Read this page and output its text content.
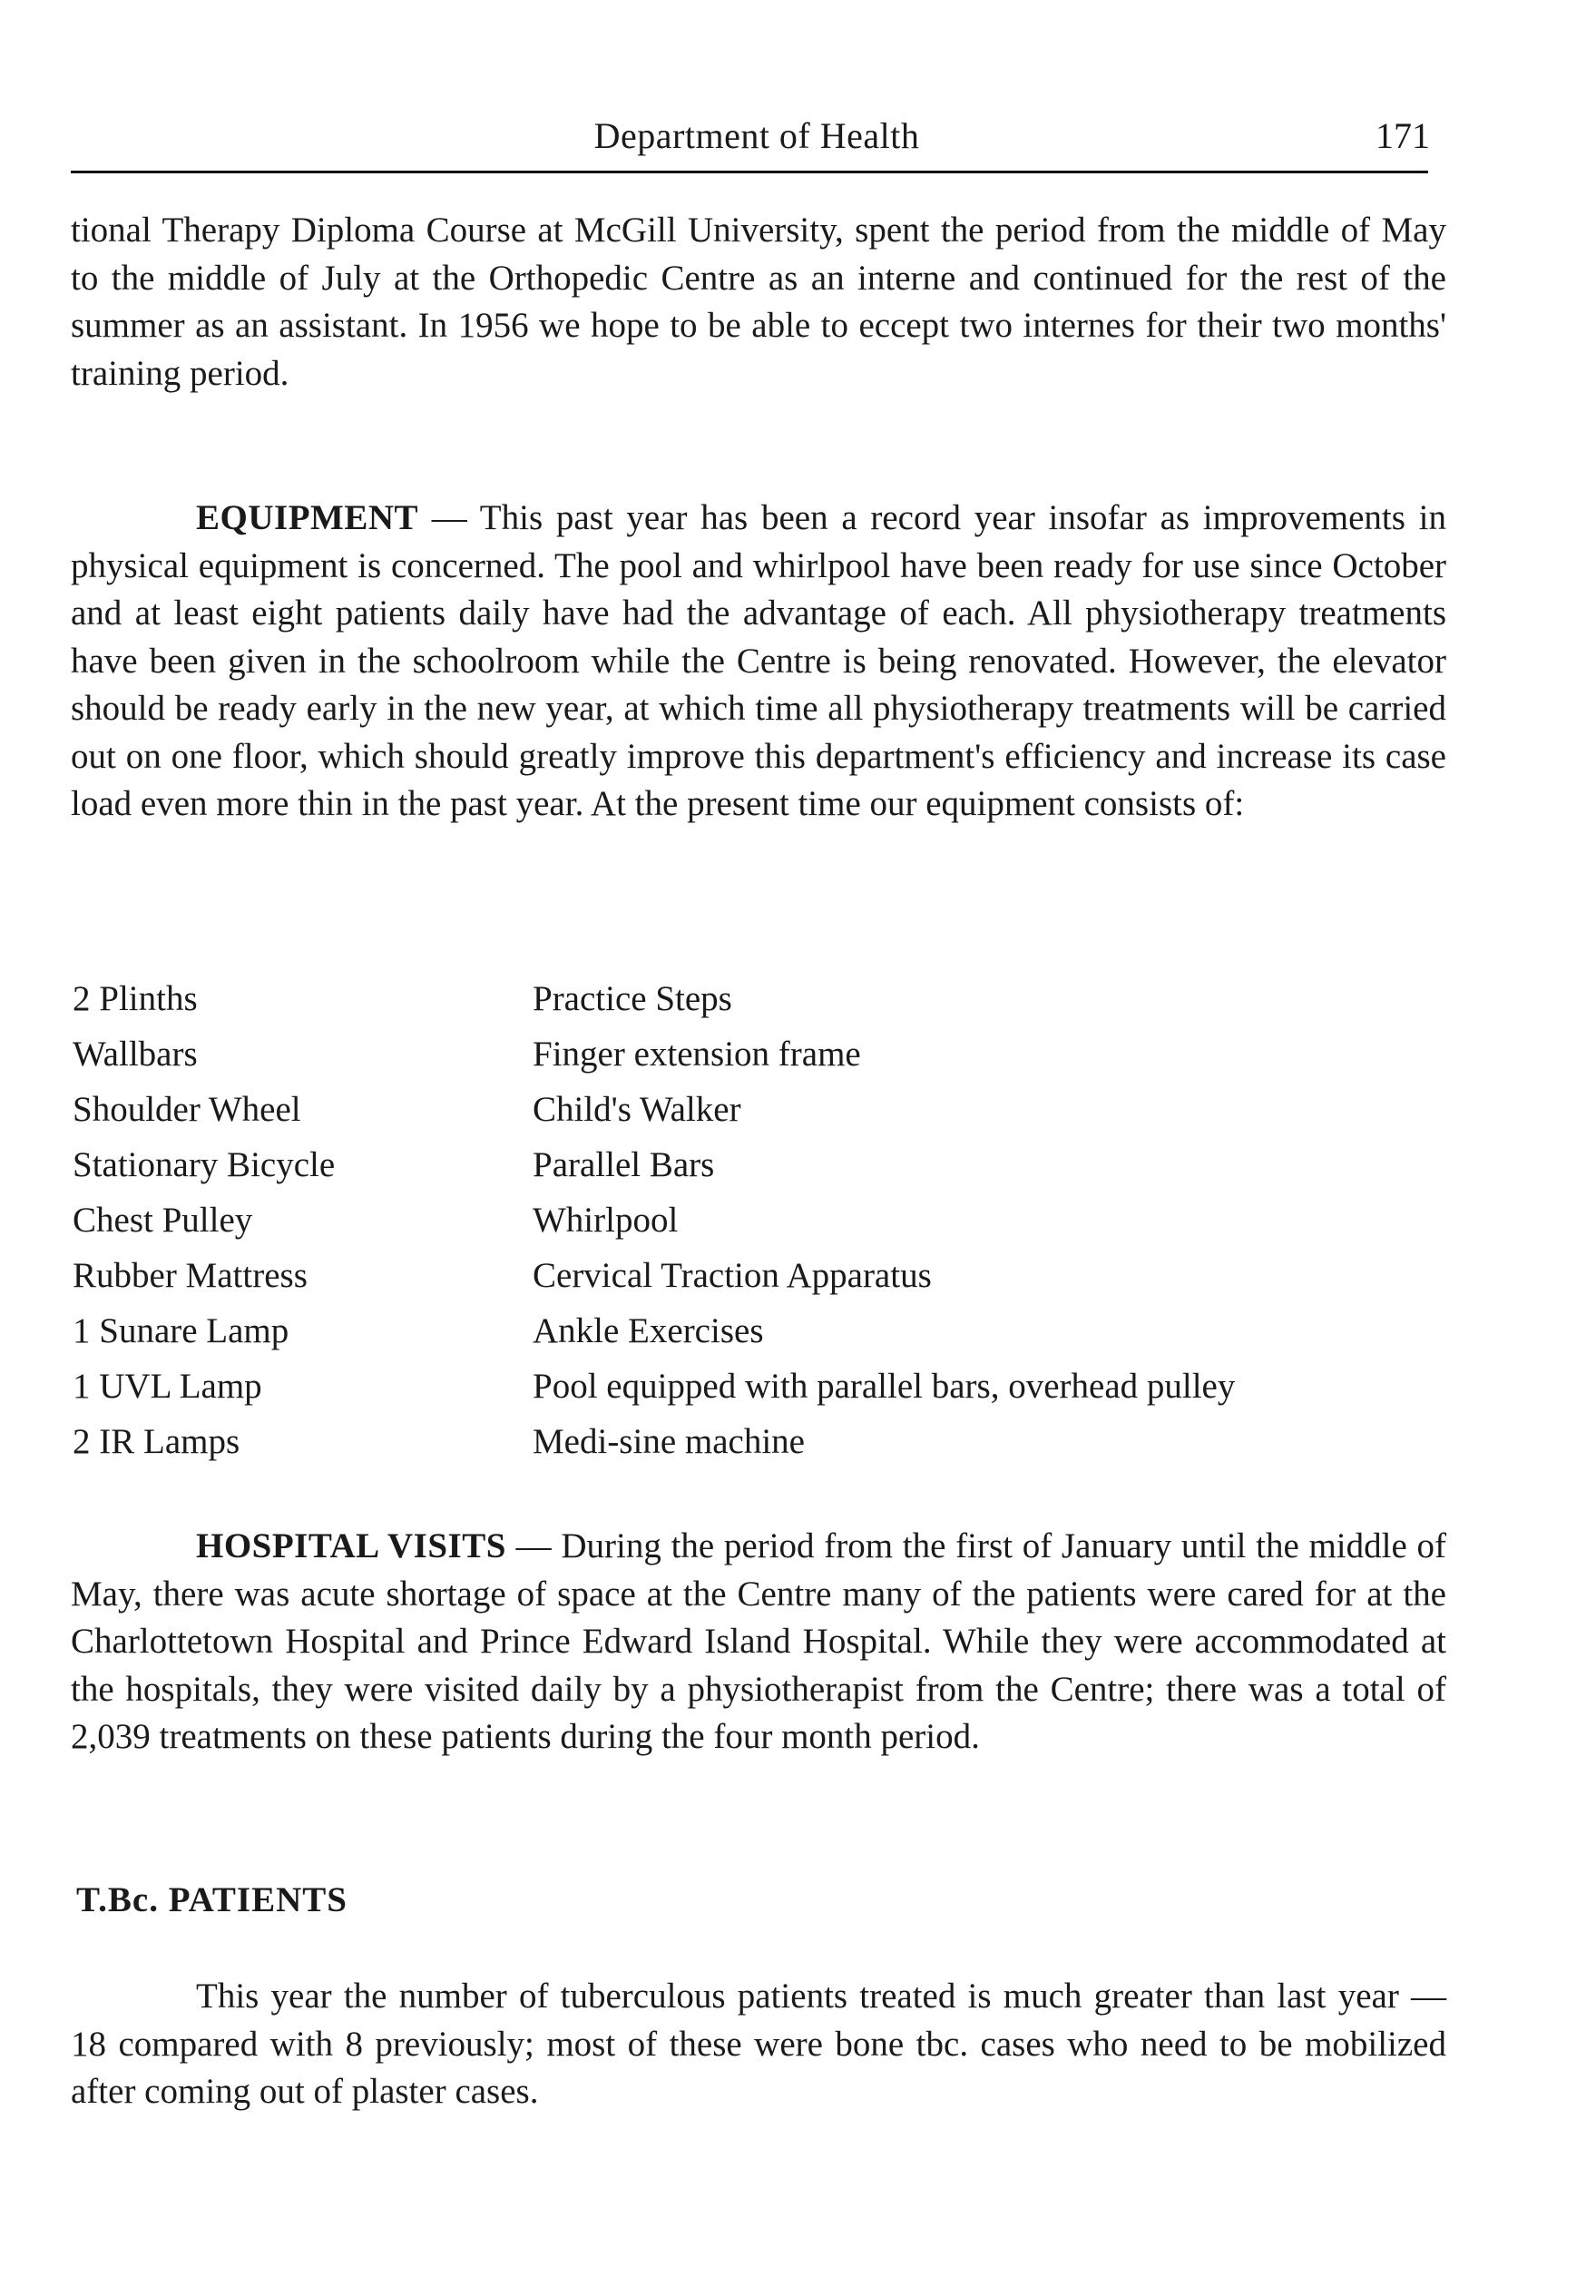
Department of Health	171

tional Therapy Diploma Course at McGill University, spent the period from the middle of May to the middle of July at the Orthopedic Centre as an interne and continued for the rest of the summer as an assistant. In 1956 we hope to be able to eccept two internes for their two months' training period.

EQUIPMENT — This past year has been a record year insofar as improvements in physical equipment is concerned. The pool and whirlpool have been ready for use since October and at least eight patients daily have had the advantage of each. All physiotherapy treatments have been given in the schoolroom while the Centre is being renovated. However, the elevator should be ready early in the new year, at which time all physiotherapy treatments will be carried out on one floor, which should greatly improve this department's efficiency and increase its case load even more thin in the past year. At the present time our equipment consists of:

2 Plinths
Wallbars
Shoulder Wheel
Stationary Bicycle
Chest Pulley
Rubber Mattress
1 Sunare Lamp
1 UVL Lamp
2 IR Lamps
Practice Steps
Finger extension frame
Child's Walker
Parallel Bars
Whirlpool
Cervical Traction Apparatus
Ankle Exercises
Pool equipped with parallel bars, overhead pulley
Medi-sine machine

HOSPITAL VISITS — During the period from the first of January until the middle of May, there was acute shortage of space at the Centre many of the patients were cared for at the Charlottetown Hospital and Prince Edward Island Hospital. While they were accommodated at the hospitals, they were visited daily by a physiotherapist from the Centre; there was a total of 2,039 treatments on these patients during the four month period.

T.Bc. PATIENTS

This year the number of tuberculous patients treated is much greater than last year — 18 compared with 8 previously; most of these were bone tbc. cases who need to be mobilized after coming out of plaster cases.
